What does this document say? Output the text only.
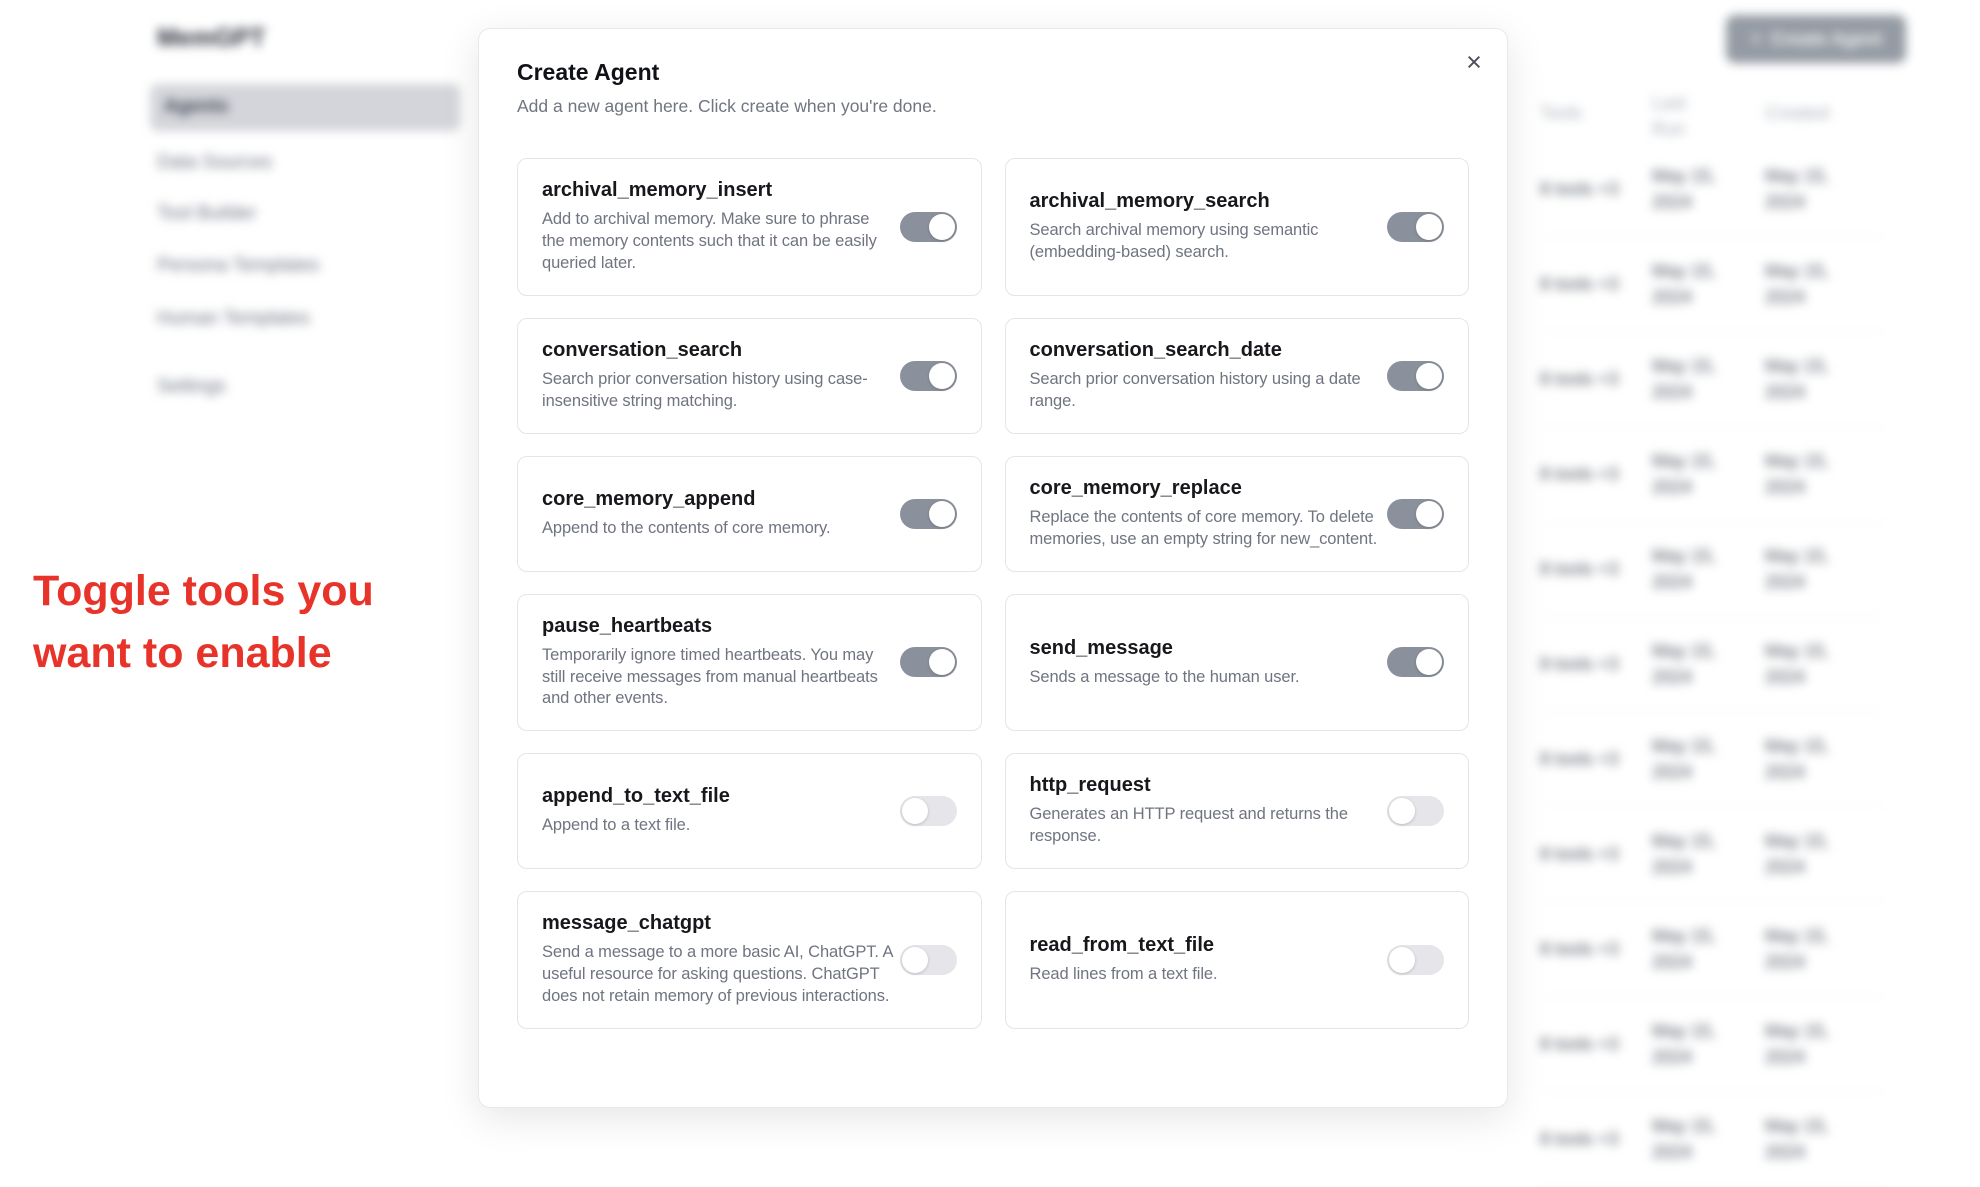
MemGPT
Agents
Data Sources
Tool Builder
Persona Templates
Human Templates
Settings
+ Create Agent
Tools	Last Run
Created
8 tools +3
May 15, 2024
May 15, 2024
8 tools +3
May 15, 2024
May 15, 2024
8 tools +3
May 15, 2024
May 15, 2024
8 tools +3
May 15, 2024
May 15, 2024
8 tools +3
May 15, 2024
May 15, 2024
8 tools +3
May 15, 2024
May 15, 2024
8 tools +3
May 15, 2024
May 15, 2024
8 tools +3
May 15, 2024
May 15, 2024
8 tools +3
May 15, 2024
May 15, 2024
8 tools +3
May 15, 2024
May 15, 2024
8 tools +3
May 15, 2024
May 15, 2024
Toggle tools you
want to enable
×
Create Agent
Add a new agent here. Click create when you're done.
archival_memory_insert
Add to archival memory. Make sure to phrase the memory contents such that it can be easily queried later.
archival_memory_search
Search archival memory using semantic (embedding-based) search.
conversation_search
Search prior conversation history using case-insensitive string matching.
conversation_search_date
Search prior conversation history using a date range.
core_memory_append
Append to the contents of core memory.
core_memory_replace
Replace the contents of core memory. To delete memories, use an empty string for new_content.
pause_heartbeats
Temporarily ignore timed heartbeats. You may still receive messages from manual heartbeats and other events.
send_message
Sends a message to the human user.
append_to_text_file
Append to a text file.
http_request
Generates an HTTP request and returns the response.
message_chatgpt
Send a message to a more basic AI, ChatGPT. A useful resource for asking questions. ChatGPT does not retain memory of previous interactions.
read_from_text_file
Read lines from a text file.
